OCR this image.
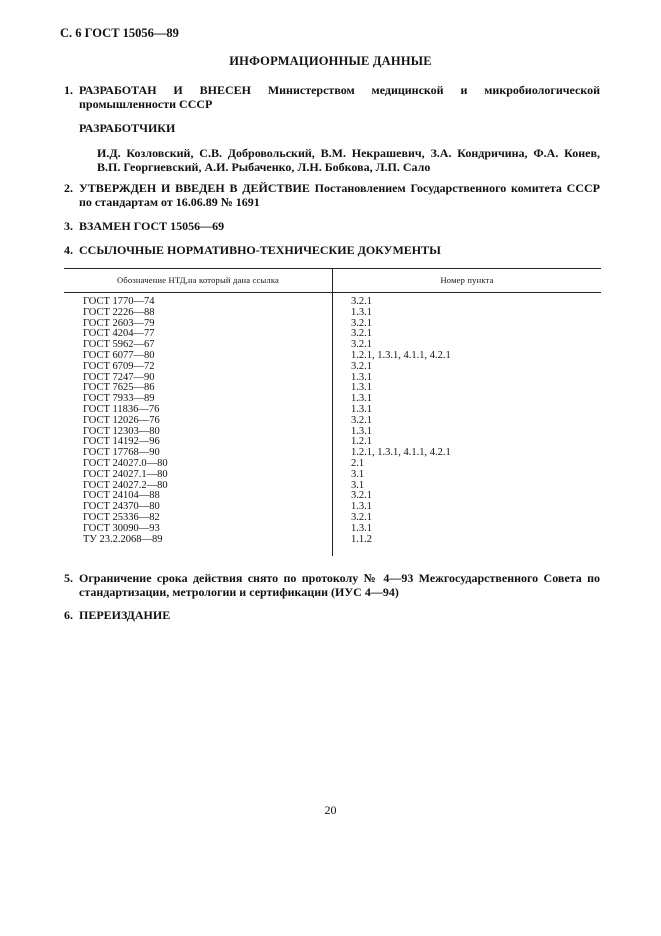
С. 6 ГОСТ 15056—89
ИНФОРМАЦИОННЫЕ ДАННЫЕ
1. РАЗРАБОТАН И ВНЕСЕН Министерством медицинской и микробиологической промышленности СССР
РАЗРАБОТЧИКИ
И.Д. Козловский, С.В. Добровольский, В.М. Некрашевич, З.А. Кондричина, Ф.А. Конев, В.П. Георгиевский, А.И. Рыбаченко, Л.Н. Бобкова, Л.П. Сало
2. УТВЕРЖДЕН И ВВЕДЕН В ДЕЙСТВИЕ Постановлением Государственного комитета СССР по стандартам от 16.06.89 № 1691
3. ВЗАМЕН ГОСТ 15056—69
4. ССЫЛОЧНЫЕ НОРМАТИВНО-ТЕХНИЧЕСКИЕ ДОКУМЕНТЫ
Обозначение НТД,на который дана ссылка	Номер пункта
ГОСТ 1770—74	3.2.1
ГОСТ 2226—88	1.3.1
ГОСТ 2603—79	3.2.1
ГОСТ 4204—77	3.2.1
ГОСТ 5962—67	3.2.1
ГОСТ 6077—80	1.2.1, 1.3.1, 4.1.1, 4.2.1
ГОСТ 6709—72	3.2.1
ГОСТ 7247—90	1.3.1
ГОСТ 7625—86	1.3.1
ГОСТ 7933—89	1.3.1
ГОСТ 11836—76	1.3.1
ГОСТ 12026—76	3.2.1
ГОСТ 12303—80	1.3.1
ГОСТ 14192—96	1.2.1
ГОСТ 17768—90	1.2.1, 1.3.1, 4.1.1, 4.2.1
ГОСТ 24027.0—80	2.1
ГОСТ 24027.1—80	3.1
ГОСТ 24027.2—80	3.1
ГОСТ 24104—88	3.2.1
ГОСТ 24370—80	1.3.1
ГОСТ 25336—82	3.2.1
ГОСТ 30090—93	1.3.1
ТУ 23.2.2068—89	1.1.2
5. Ограничение срока действия снято по протоколу № 4—93 Межгосударственного Совета по стандартизации, метрологии и сертификации (ИУС 4—94)
6. ПЕРЕИЗДАНИЕ
20
